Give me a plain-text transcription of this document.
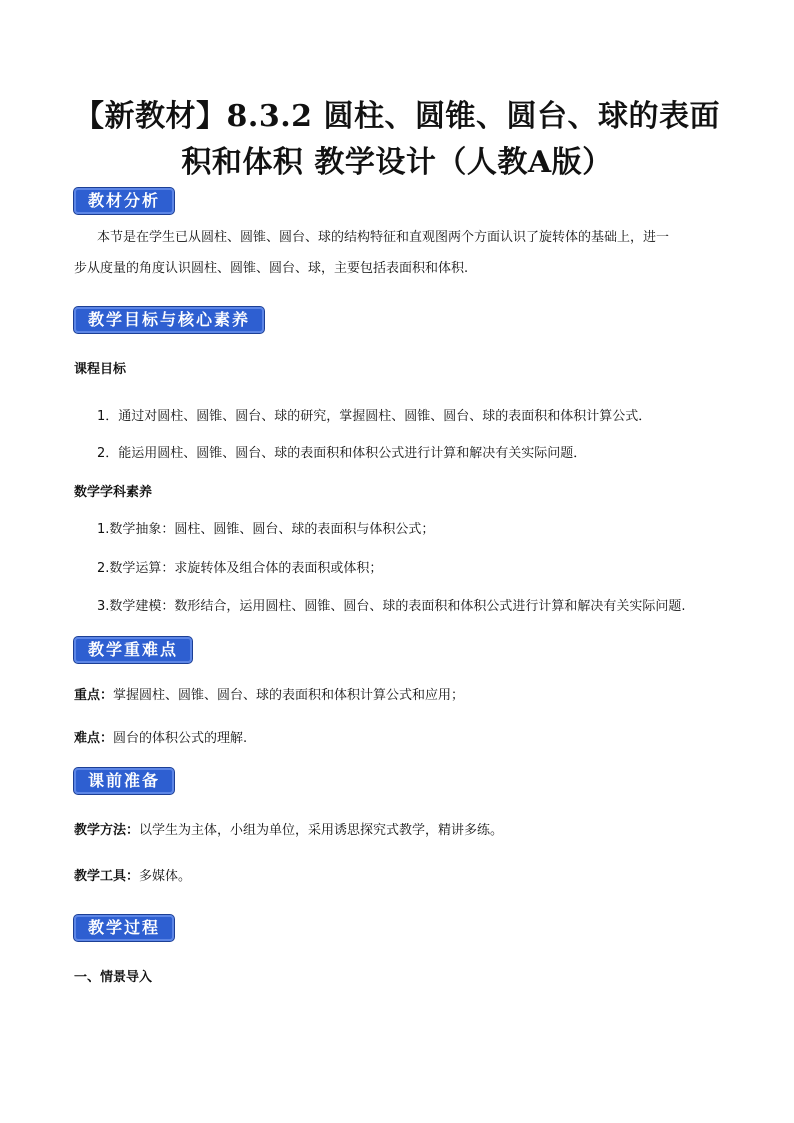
【新教材】8.3.2 圆柱、圆锥、圆台、球的表面
积和体积 教学设计（人教A版）
教材分析
本节是在学生已从圆柱、圆锥、圆台、球的结构特征和直观图两个方面认识了旋转体的基础上，进一
步从度量的角度认识圆柱、圆锥、圆台、球，主要包括表面积和体积.
教学目标与核心素养
课程目标
1．通过对圆柱、圆锥、圆台、球的研究，掌握圆柱、圆锥、圆台、球的表面积和体积计算公式．
2．能运用圆柱、圆锥、圆台、球的表面积和体积公式进行计算和解决有关实际问题．
数学学科素养
1.数学抽象：圆柱、圆锥、圆台、球的表面积与体积公式；
2.数学运算：求旋转体及组合体的表面积或体积；
3.数学建模：数形结合，运用圆柱、圆锥、圆台、球的表面积和体积公式进行计算和解决有关实际问题.
教学重难点
重点：掌握圆柱、圆锥、圆台、球的表面积和体积计算公式和应用；
难点：圆台的体积公式的理解.
课前准备
教学方法：以学生为主体，小组为单位，采用诱思探究式教学，精讲多练。
教学工具：多媒体。
教学过程
一、情景导入
